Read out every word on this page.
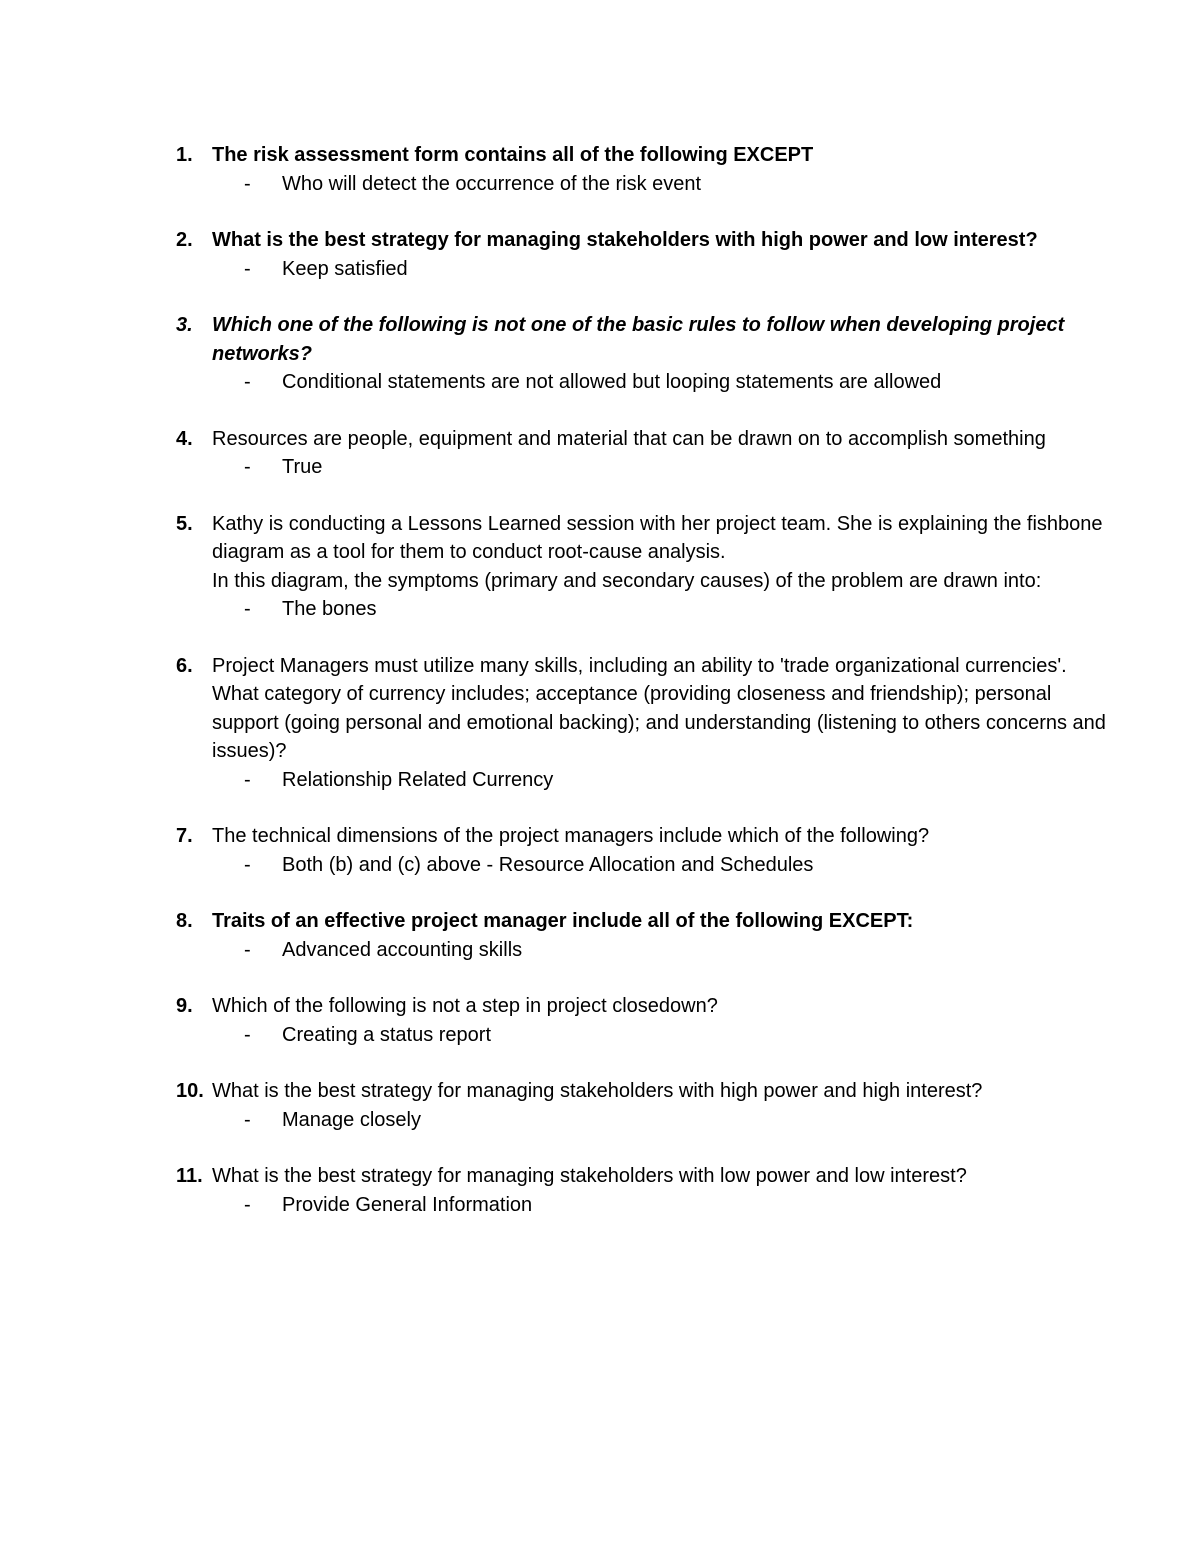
1. The risk assessment form contains all of the following EXCEPT

- Who will detect the occurrence of the risk event
2. What is the best strategy for managing stakeholders with high power and low interest?

- Keep satisfied
3. Which one of the following is not one of the basic rules to follow when developing project networks?

- Conditional statements are not allowed but looping statements are allowed
4. Resources are people, equipment and material that can be drawn on to accomplish something

- True
5. Kathy is conducting a Lessons Learned session with her project team. She is explaining the fishbone diagram as a tool for them to conduct root-cause analysis.

In this diagram, the symptoms (primary and secondary causes) of the problem are drawn into:

- The bones
6. Project Managers must utilize many skills, including an ability to 'trade organizational currencies'. What category of currency includes; acceptance (providing closeness and friendship); personal support (going personal and emotional backing); and understanding (listening to others concerns and issues)?

- Relationship Related Currency
7. The technical dimensions of the project managers include which of the following?

- Both (b) and (c) above - Resource Allocation and Schedules
8. Traits of an effective project manager include all of the following EXCEPT:

- Advanced accounting skills
9. Which of the following is not a step in project closedown?

- Creating a status report
10. What is the best strategy for managing stakeholders with high power and high interest?

- Manage closely
11. What is the best strategy for managing stakeholders with low power and low interest?

- Provide General Information
